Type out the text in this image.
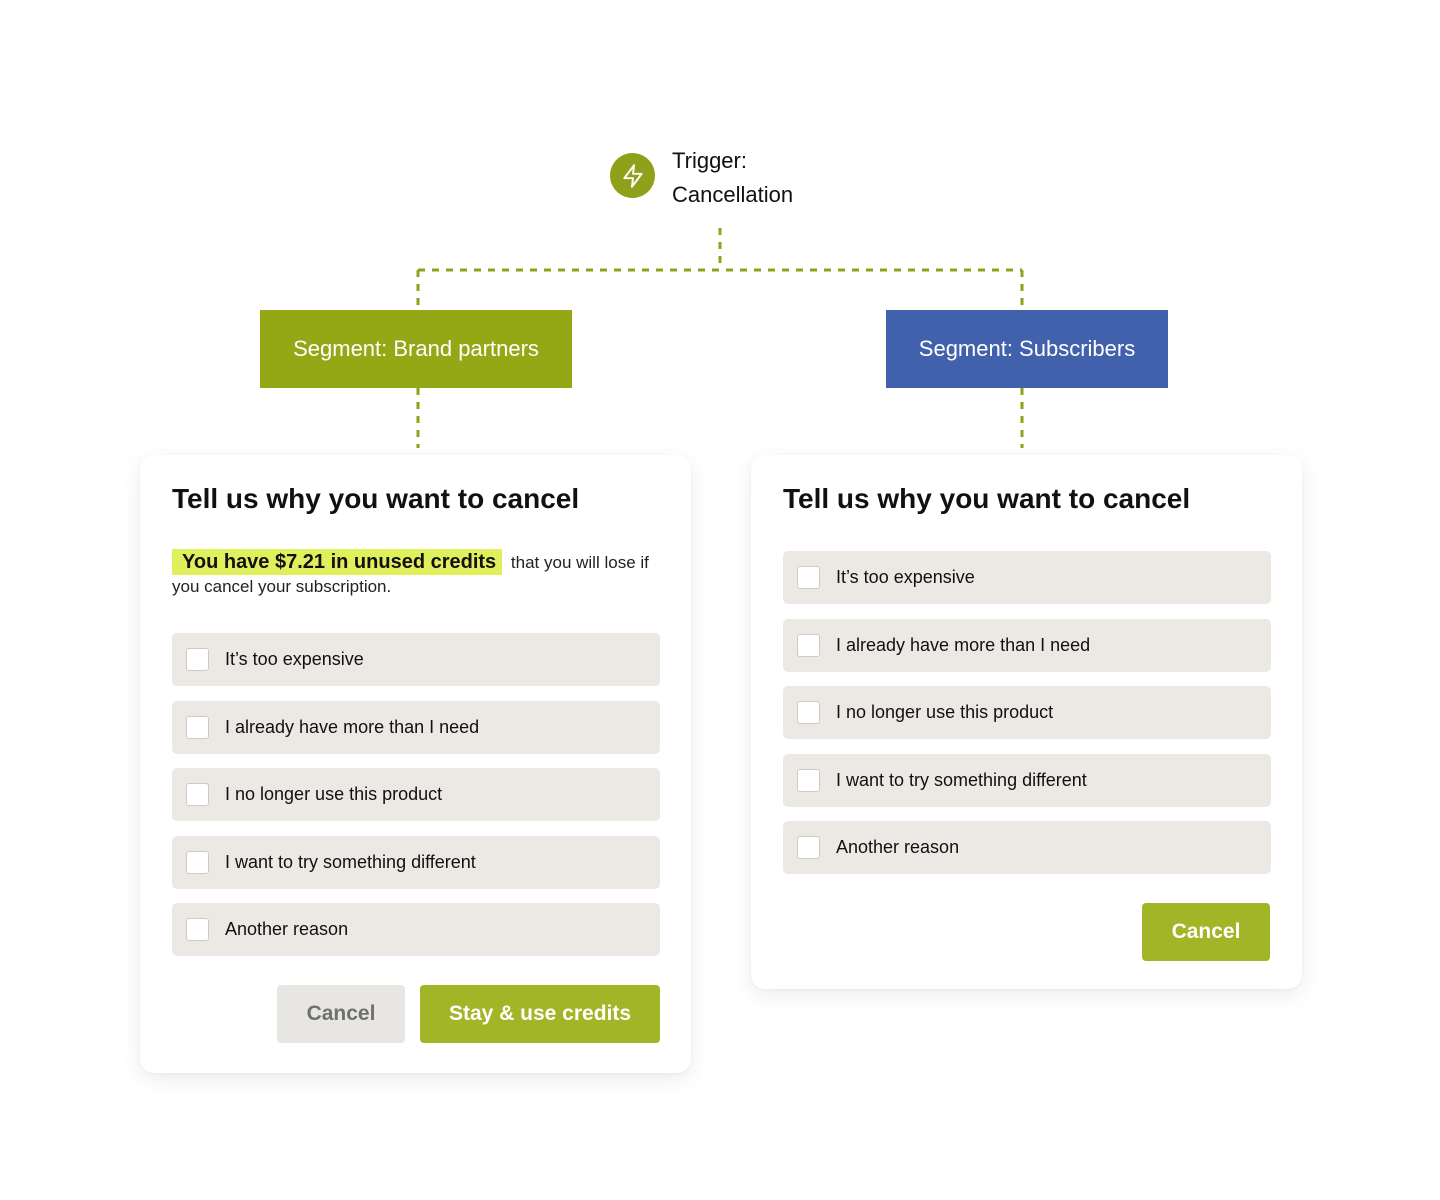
Trigger:
Cancellation
Segment: Brand partners	Segment: Subscribers
Tell us why you want to cancel
You have $7.21 in unused credits that you will lose if you cancel your subscription.
It’s too expensive
I already have more than I need
I no longer use this product
I want to try something different
Another reason
Cancel	Stay & use credits
Tell us why you want to cancel
It’s too expensive
I already have more than I need
I no longer use this product
I want to try something different
Another reason
Cancel
